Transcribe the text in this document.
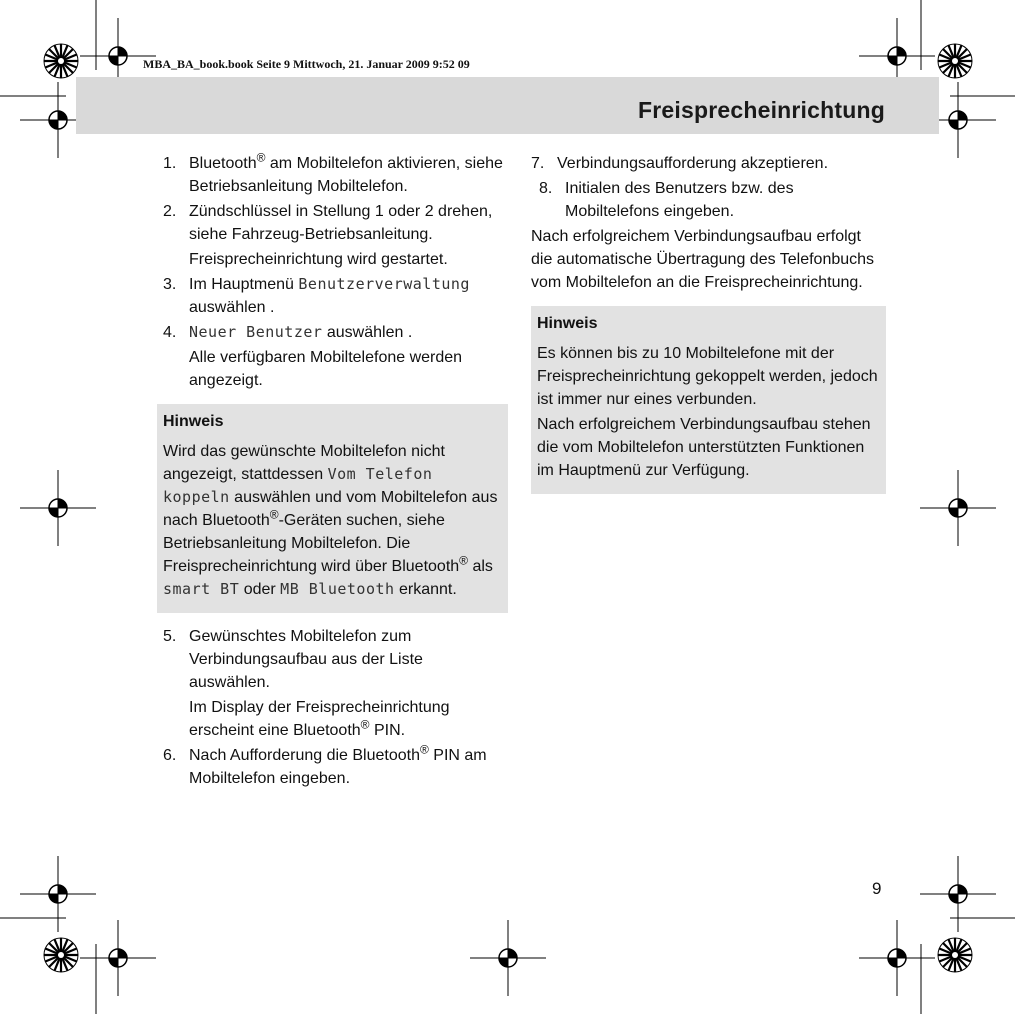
MBA_BA_book.book Seite 9 Mittwoch, 21. Januar 2009 9:52 09
Freisprecheinrichtung
1. Bluetooth® am Mobiltelefon aktivieren, siehe Betriebsanleitung Mobiltelefon.
2. Zündschlüssel in Stellung 1 oder 2 drehen, siehe Fahrzeug-Betriebsanleitung.
Freisprecheinrichtung wird gestartet.
3. Im Hauptmenü Benutzerverwaltung auswählen .
4. Neuer Benutzer auswählen .
Alle verfügbaren Mobiltelefone werden angezeigt.
Hinweis

Wird das gewünschte Mobiltelefon nicht angezeigt, stattdessen Vom Telefon koppeln auswählen und vom Mobiltelefon aus nach Bluetooth®-Geräten suchen, siehe Betriebsanleitung Mobiltelefon. Die Freisprecheinrichtung wird über Bluetooth® als smart BT oder MB Bluetooth erkannt.

5. Gewünschtes Mobiltelefon zum Verbindungsaufbau aus der Liste auswählen.
Im Display der Freisprecheinrichtung erscheint eine Bluetooth® PIN.
6. Nach Aufforderung die Bluetooth® PIN am Mobiltelefon eingeben.
7. Verbindungsaufforderung akzeptieren.
8. Initialen des Benutzers bzw. des Mobiltelefons eingeben.

Nach erfolgreichem Verbindungsaufbau erfolgt die automatische Übertragung des Telefonbuchs vom Mobiltelefon an die Freisprecheinrichtung.

Hinweis

Es können bis zu 10 Mobiltelefone mit der Freisprecheinrichtung gekoppelt werden, jedoch ist immer nur eines verbunden.

Nach erfolgreichem Verbindungsaufbau stehen die vom Mobiltelefon unterstützten Funktionen im Hauptmenü zur Verfügung.

9
